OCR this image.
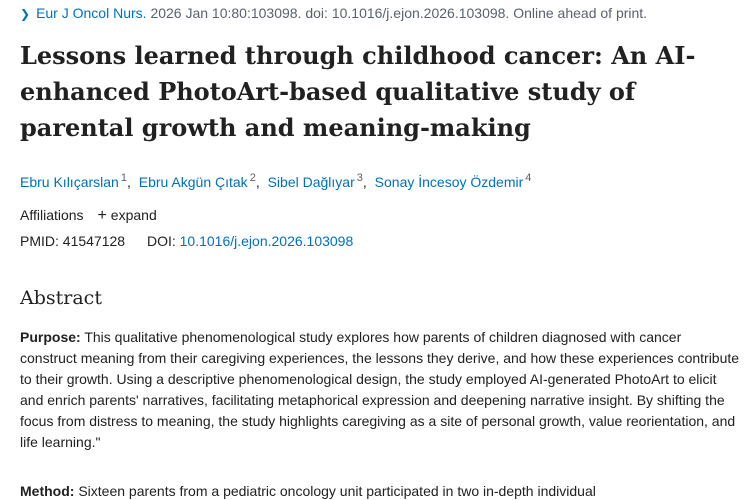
❯ Eur J Oncol Nurs. 2026 Jan 10:80:103098. doi: 10.1016/j.ejon.2026.103098. Online ahead of print.
Lessons learned through childhood cancer: An AI-enhanced PhotoArt-based qualitative study of parental growth and meaning-making
Ebru Kılıçarslan $^1$, Ebru Akgün Çıtak $^2$, Sibel Dağlıyar $^3$, Sonay İncesoy Özdemir $^4$
Affiliations + expand
PMID: 41547128 DOI: 10.1016/j.ejon.2026.103098
Abstract

Purpose: This qualitative phenomenological study explores how parents of children diagnosed with cancer construct meaning from their caregiving experiences, the lessons they derive, and how these experiences contribute to their growth. Using a descriptive phenomenological design, the study employed AI-generated PhotoArt to elicit and enrich parents' narratives, facilitating metaphorical expression and deepening narrative insight. By shifting the focus from distress to meaning, the study highlights caregiving as a site of personal growth, value reorientation, and life learning."

Method: Sixteen parents from a pediatric oncology unit participated in two in-depth individual
